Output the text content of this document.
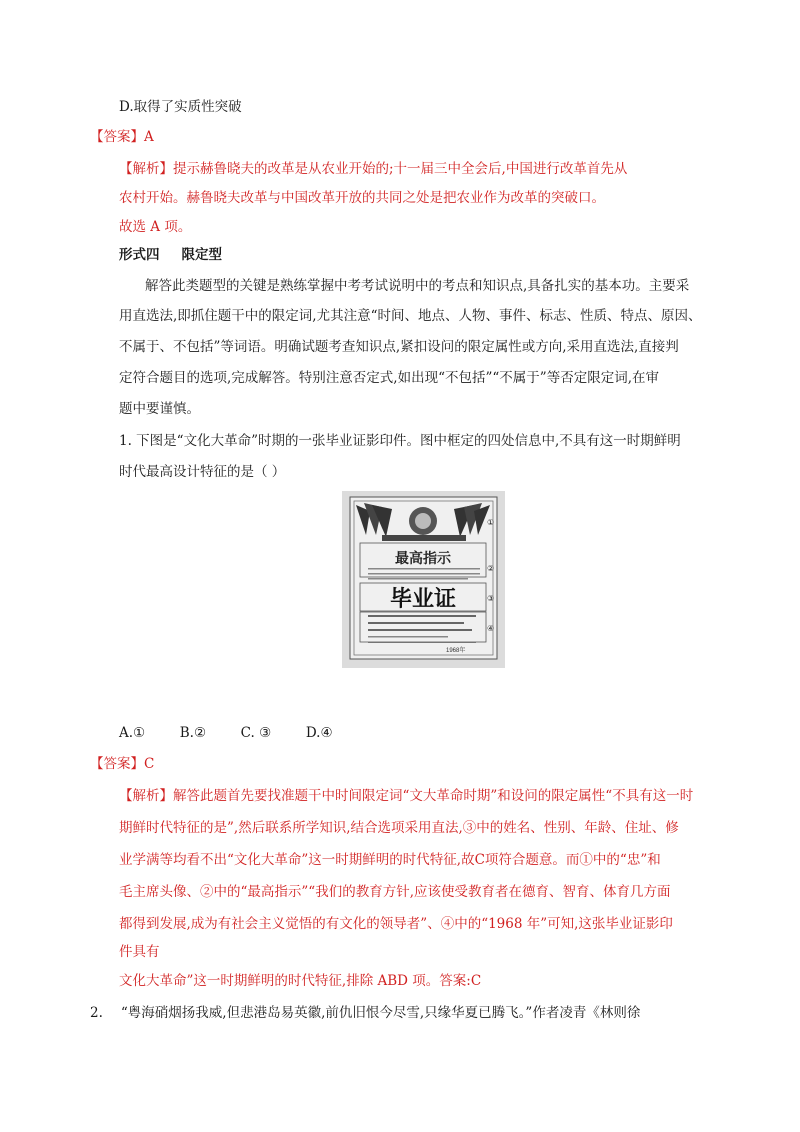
D.取得了实质性突破
【答案】A
【解析】提示赫鲁晓夫的改革是从农业开始的;十一届三中全会后,中国进行改革首先从
农村开始。赫鲁晓夫改革与中国改革开放的共同之处是把农业作为改革的突破口。
故选 A 项。
形式四 限定型
解答此类题型的关键是熟练掌握中考考试说明中的考点和知识点,具备扎实的基本功。主要采
用直选法,即抓住题干中的限定词,尤其注意“时间、地点、人物、事件、标志、性质、特点、原因、
不属于、不包括”等词语。明确试题考查知识点,紧扣设问的限定属性或方向,采用直选法,直接判
定符合题目的选项,完成解答。特别注意否定式,如出现“不包括”“不属于”等否定限定词,在审
题中要谨慎。
1. 下图是“文化大革命”时期的一张毕业证影印件。图中框定的四处信息中,不具有这一时期鲜明
时代最高设计特征的是（ ）
最高指示
毕业证
1968年
①
②
③
④
A.①	B.②	C. ③	D.④
【答案】C
【解析】解答此题首先要找准题干中时间限定词“文大革命时期”和设问的限定属性“不具有这一时
期鲜时代特征的是”,然后联系所学知识,结合选项采用直法,③中的姓名、性别、年龄、住址、修
业学满等均看不出“文化大革命”这一时期鲜明的时代特征,故C项符合题意。而①中的“忠”和
毛主席头像、②中的“最高指示”“我们的教育方针,应该使受教育者在德育、智育、体育几方面
都得到发展,成为有社会主义觉悟的有文化的领导者”、④中的“1968 年”可知,这张毕业证影印
件具有
文化大革命”这一时期鲜明的时代特征,排除 ABD 项。答案:C
2. “粤海硝烟扬我威,但悲港岛易英徽,前仇旧恨今尽雪,只缘华夏已腾飞。”作者凌青《林则徐
